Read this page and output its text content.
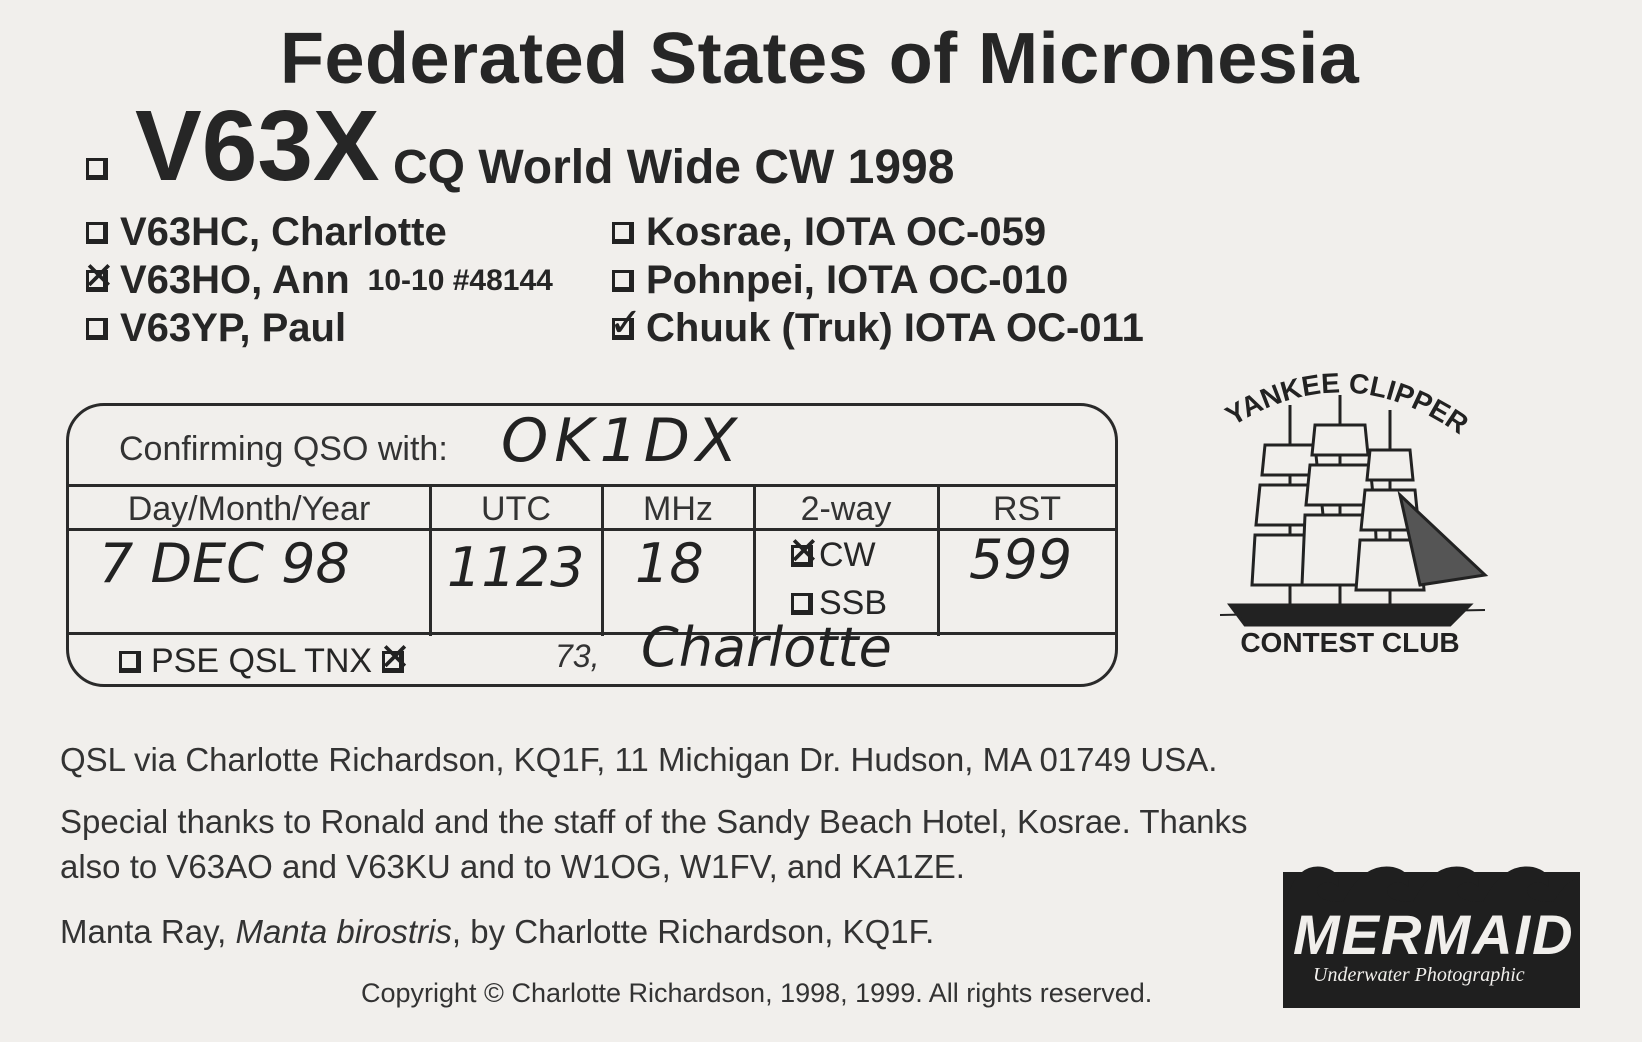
Federated States of Micronesia
V63X CQ World Wide CW 1998
V63HC, Charlotte
✕
V63HO, Ann 10-10 #48144
V63YP, Paul
Kosrae, IOTA OC-059
Pohnpei, IOTA OC-010
✓
Chuuk (Truk) IOTA OC-011
Confirming QSO with: OK1DX
Day/Month/Year	UTC	MHz	2-way	RST
7 DEC 98 1123 18	599
✕
CW
SSB
PSE QSL TNX
✕	73, Charlotte
YANKEE CLIPPER
CONTEST CLUB
QSL via Charlotte Richardson, KQ1F, 11 Michigan Dr. Hudson, MA 01749 USA.
Special thanks to Ronald and the staff of the Sandy Beach Hotel, Kosrae. Thanks
also to V63AO and V63KU and to W1OG, W1FV, and KA1ZE.
Manta Ray, Manta birostris, by Charlotte Richardson, KQ1F.	MERMAID
Underwater Photographic
Copyright © Charlotte Richardson, 1998, 1999. All rights reserved.
